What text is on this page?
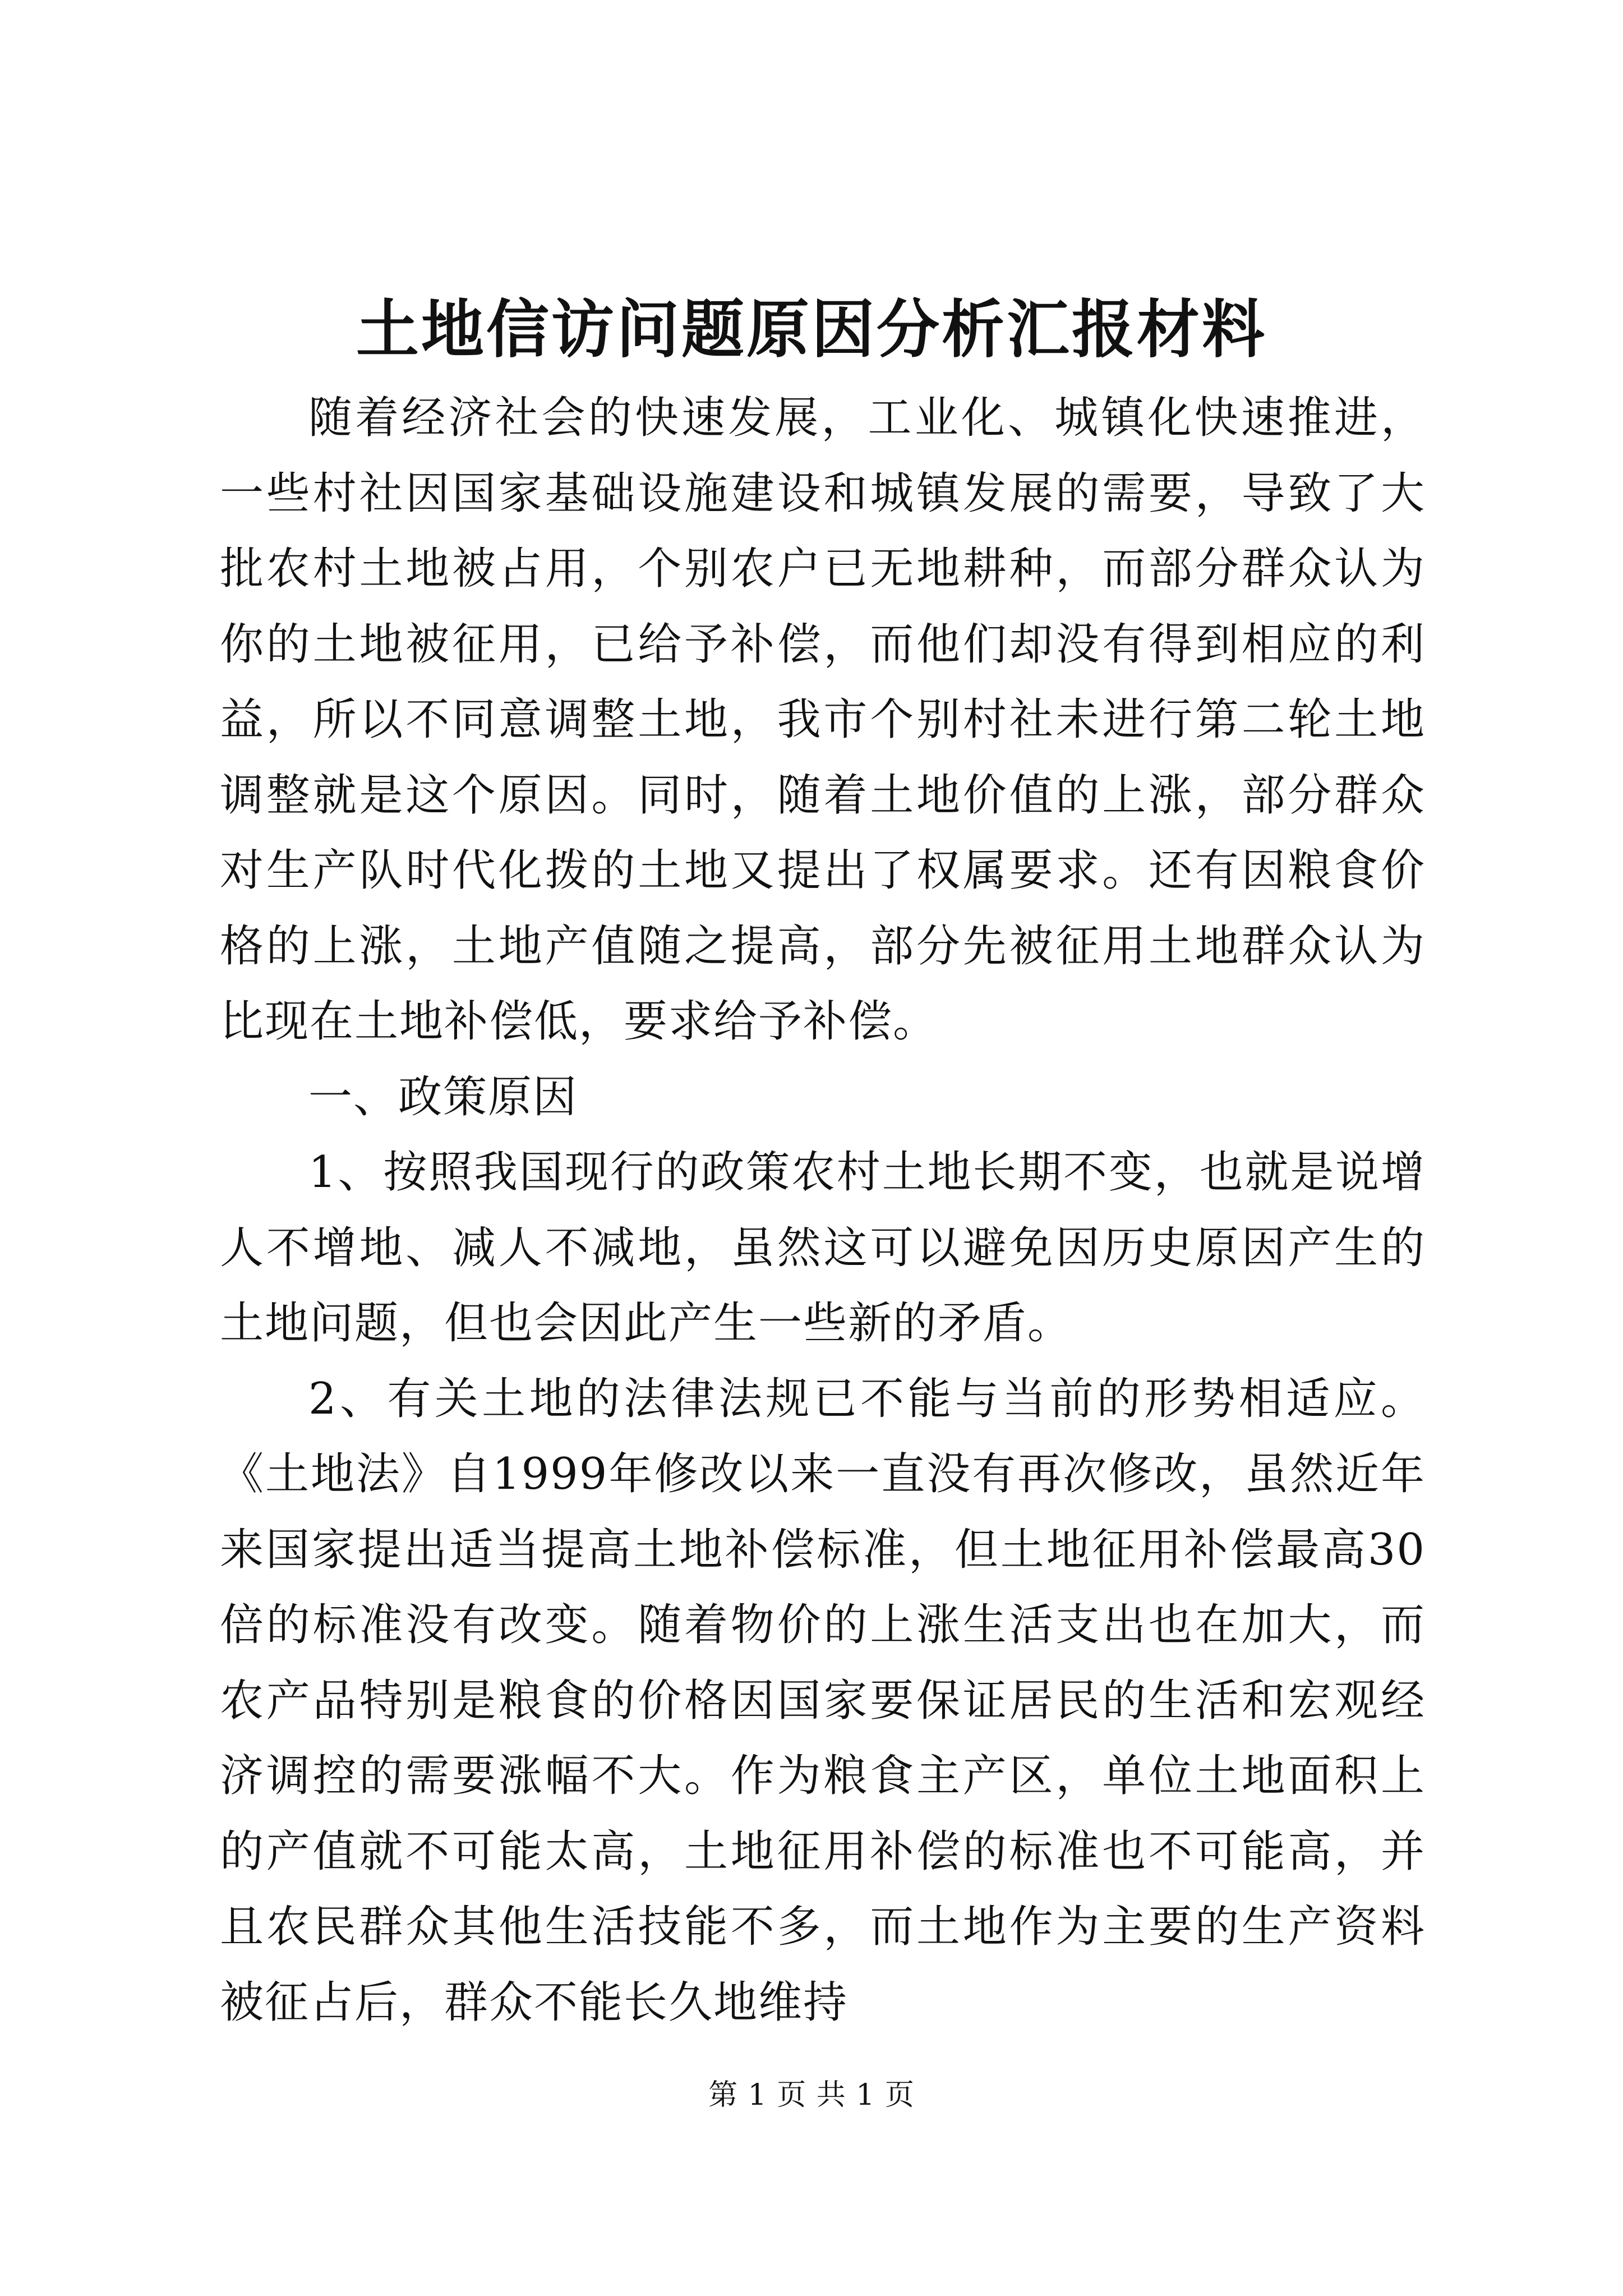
土地信访问题原因分析汇报材料

随着经济社会的快速发展，工业化、城镇化快速推进，一些村社因国家基础设施建设和城镇发展的需要，导致了大批农村土地被占用，个别农户已无地耕种，而部分群众认为你的土地被征用，已给予补偿，而他们却没有得到相应的利益，所以不同意调整土地，我市个别村社未进行第二轮土地调整就是这个原因。同时，随着土地价值的上涨，部分群众对生产队时代化拨的土地又提出了权属要求。还有因粮食价格的上涨，土地产值随之提高，部分先被征用土地群众认为比现在土地补偿低，要求给予补偿。

一、政策原因

1、按照我国现行的政策农村土地长期不变，也就是说增人不增地、减人不减地，虽然这可以避免因历史原因产生的土地问题，但也会因此产生一些新的矛盾。

2、有关土地的法律法规已不能与当前的形势相适应。《土地法》自1999年修改以来一直没有再次修改，虽然近年来国家提出适当提高土地补偿标准，但土地征用补偿最高30倍的标准没有改变。随着物价的上涨生活支出也在加大，而农产品特别是粮食的价格因国家要保证居民的生活和宏观经济调控的需要涨幅不大。作为粮食主产区，单位土地面积上的产值就不可能太高，土地征用补偿的标准也不可能高，并且农民群众其他生活技能不多，而土地作为主要的生产资料被征占后，群众不能长久地维持

第 1 页 共 1 页
